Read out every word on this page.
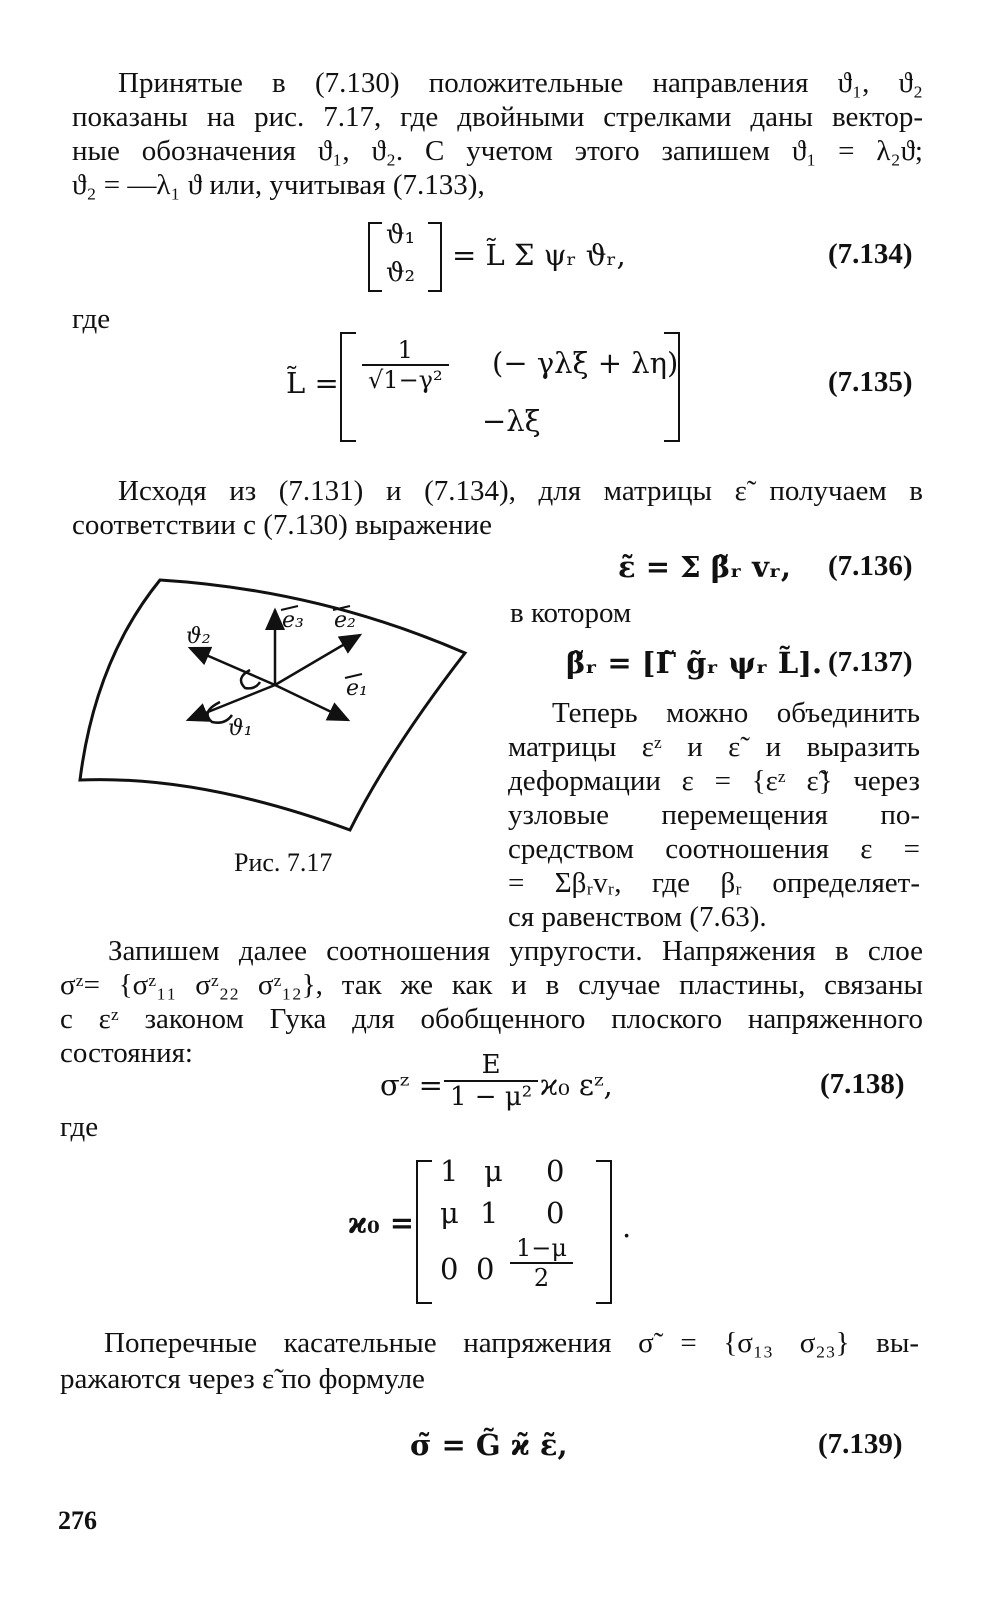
Принятые в (7.130) положительные направления ϑ₁, ϑ₂

показаны на рис. 7.17, где двойными стрелками даны вектор-

ные обозначения ϑ₁, ϑ₂. С учетом этого запишем ϑ₁ = λ₂ϑ;

ϑ₂ = —λ₁ ϑ или, учитывая (7.133),

ϑ₁
ϑ₂
= L̃ Σ ψᵣ ϑᵣ,	(7.134)

где

L̃ = $\frac{1}{\text{√1−γ²}}$ (− γλξ + λη)
−λξ
(7.135)

Исходя из (7.131) и (7.134), для матрицы ε̃ получаем в

соответствии с (7.130) выражение

ε̃ = Σ β̃ᵣ vᵣ, (7.136)

в котором

β̃ᵣ = [Γ̃ g̃ᵣ ψᵣ L̃]. (7.137)
e₃ e₂
e₁
ϑ₂
ϑ₁
Рис. 7.17

Теперь можно объединить

матрицы εᶻ и ε̃ и выразить

деформации ε = {εᶻ ε̃} через

узловые перемещения по-

средством соотношения ε =

= Σβᵣvᵣ, где βᵣ определяет-

ся равенством (7.63).

Запишем далее соотношения упругости. Напряжения в слое

σᶻ= {σᶻ₁₁ σᶻ₂₂ σᶻ₁₂}, так же как и в случае пластины, связаны

с εᶻ законом Гука для обобщенного плоского напряженного

состояния:

σᶻ = $\frac{E}{\text{1 − μ²}} ϰ_0$ εᶻ,	(7.138)

где

ϰ₀ =
1 μ 0
μ 1 0
0 $0 \frac{1-\mu}{2}$
.

Поперечные касательные напряжения σ̃ = {σ₁₃ σ₂₃} вы-

ражаются через ε̃ по формуле

σ̃ = G̃ ϰ̃ ε̃,	(7.139)
276
